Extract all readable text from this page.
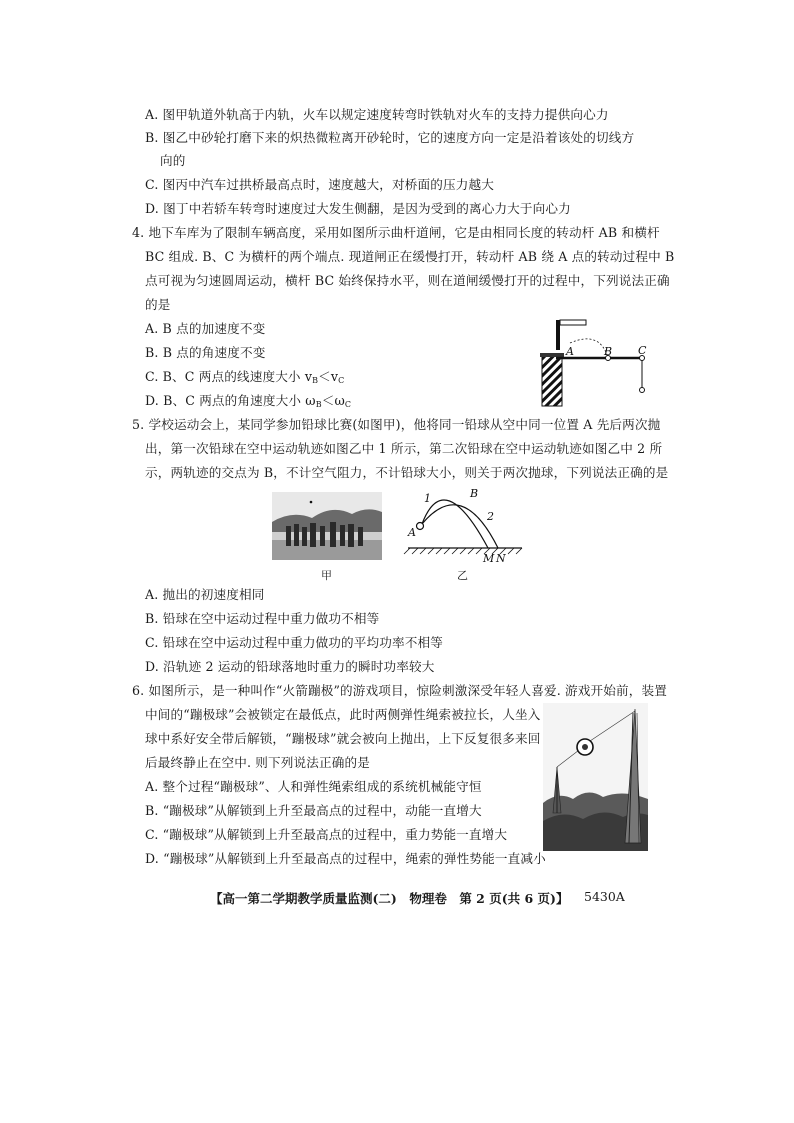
A. 图甲轨道外轨高于内轨，火车以规定速度转弯时铁轨对火车的支持力提供向心力
B. 图乙中砂轮打磨下来的炽热微粒离开砂轮时，它的速度方向一定是沿着该处的切线方
向的
C. 图丙中汽车过拱桥最高点时，速度越大，对桥面的压力越大
D. 图丁中若轿车转弯时速度过大发生侧翻，是因为受到的离心力大于向心力
4. 地下车库为了限制车辆高度，采用如图所示曲杆道闸，它是由相同长度的转动杆 AB 和横杆
BC 组成. B、C 为横杆的两个端点. 现道闸正在缓慢打开，转动杆 AB 绕 A 点的转动过程中 B
点可视为匀速圆周运动，横杆 BC 始终保持水平，则在道闸缓慢打开的过程中，下列说法正确
的是
A. B 点的加速度不变
B. B 点的角速度不变
C. B、C 两点的线速度大小 $v_B<v_C$
D. B、C 两点的角速度大小 $\omega_B<\omega_C$
A	B C
5. 学校运动会上，某同学参加铅球比赛(如图甲)，他将同一铅球从空中同一位置 A 先后两次抛
出，第一次铅球在空中运动轨迹如图乙中 1 所示，第二次铅球在空中运动轨迹如图乙中 2 所
示，两轨迹的交点为 B，不计空气阻力，不计铅球大小，则关于两次抛球，下列说法正确的是
甲
1	B
2
A
M N
乙
A. 抛出的初速度相同
B. 铅球在空中运动过程中重力做功不相等
C. 铅球在空中运动过程中重力做功的平均功率不相等
D. 沿轨迹 2 运动的铅球落地时重力的瞬时功率较大
6. 如图所示，是一种叫作“火箭蹦极”的游戏项目，惊险刺激深受年轻人喜爱. 游戏开始前，装置
中间的“蹦极球”会被锁定在最低点，此时两侧弹性绳索被拉长，人坐入
球中系好安全带后解锁，“蹦极球”就会被向上抛出，上下反复很多来回
后最终静止在空中. 则下列说法正确的是
A. 整个过程“蹦极球”、人和弹性绳索组成的系统机械能守恒
B. “蹦极球”从解锁到上升至最高点的过程中，动能一直增大
C. “蹦极球”从解锁到上升至最高点的过程中，重力势能一直增大
D. “蹦极球”从解锁到上升至最高点的过程中，绳索的弹性势能一直减小
【高一第二学期教学质量监测(二)　物理卷　第 2 页(共 6 页)】 5430A
